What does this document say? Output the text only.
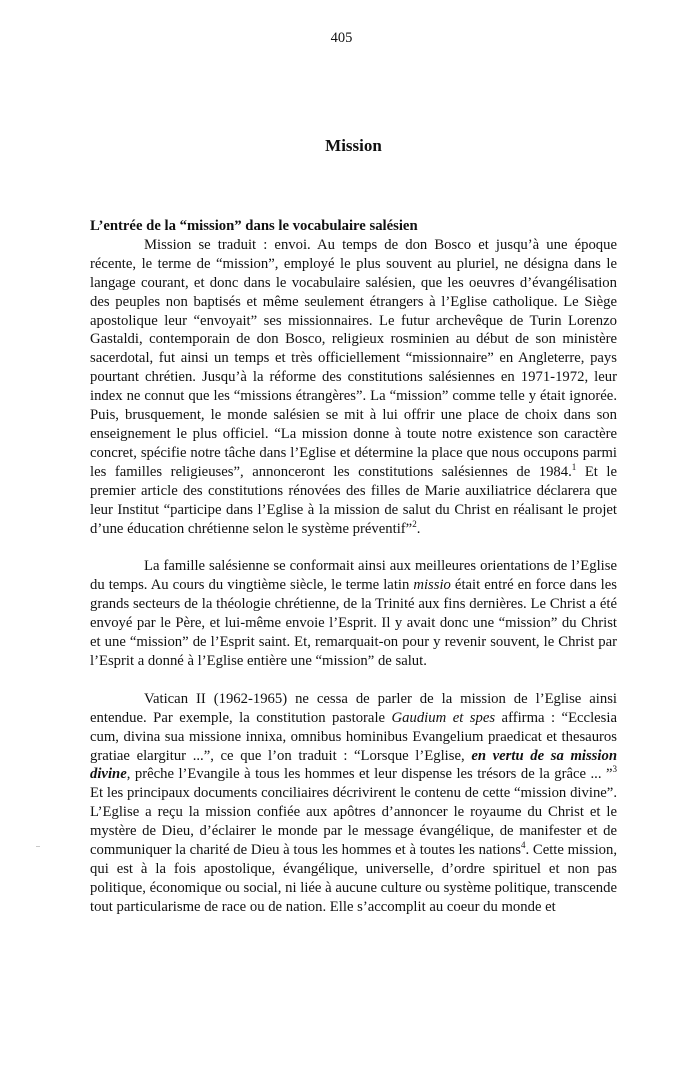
405
Mission

L’entrée de la “mission” dans le vocabulaire salésien

Mission se traduit : envoi. Au temps de don Bosco et jusqu’à une époque récente, le terme de “mission”, employé le plus souvent au pluriel, ne désigna dans le langage courant, et donc dans le vocabulaire salésien, que les oeuvres d’évangélisation des peuples non baptisés et même seulement étrangers à l’Eglise catholique. Le Siège apostolique leur “envoyait” ses missionnaires. Le futur archevêque de Turin Lorenzo Gastaldi, contemporain de don Bosco, religieux rosminien au début de son ministère sacerdotal, fut ainsi un temps et très officiellement “missionnaire” en Angleterre, pays pourtant chrétien. Jusqu’à la réforme des constitutions salésiennes en 1971-1972, leur index ne connut que les “missions étrangères”. La “mission” comme telle y était ignorée. Puis, brusquement, le monde salésien se mit à lui offrir une place de choix dans son enseignement le plus officiel. “La mission donne à toute notre existence son caractère concret, spécifie notre tâche dans l’Eglise et détermine la place que nous occupons parmi les familles religieuses”, annonceront les constitutions salésiennes de 1984.$^1$ Et le premier article des constitutions rénovées des filles de Marie auxiliatrice déclarera que leur Institut “participe dans l’Eglise à la mission de salut du Christ en réalisant le projet d’une éducation chrétienne selon le système préventif”$^2$.

La famille salésienne se conformait ainsi aux meilleures orientations de l’Eglise du temps. Au cours du vingtième siècle, le terme latin missio était entré en force dans les grands secteurs de la théologie chrétienne, de la Trinité aux fins dernières. Le Christ a été envoyé par le Père, et lui-même envoie l’Esprit. Il y avait donc une “mission” du Christ et une “mission” de l’Esprit saint. Et, remarquait-on pour y revenir souvent, le Christ par l’Esprit a donné à l’Eglise entière une “mission” de salut.

Vatican II (1962-1965) ne cessa de parler de la mission de l’Eglise ainsi entendue. Par exemple, la constitution pastorale Gaudium et spes affirma : “Ecclesia cum, divina sua missione innixa, omnibus hominibus Evangelium praedicat et thesauros gratiae elargitur ...”, ce que l’on traduit : “Lorsque l’Eglise, en vertu de sa mission divine, prêche l’Evangile à tous les hommes et leur dispense les trésors de la grâce ... ”$^3$ Et les principaux documents conciliaires décrivirent le contenu de cette “mission divine”. L’Eglise a reçu la mission confiée aux apôtres d’annoncer le royaume du Christ et le mystère de Dieu, d’éclairer le monde par le message évangélique, de manifester et de communiquer la charité de Dieu à tous les hommes et à toutes les nations$^4$. Cette mission, qui est à la fois apostolique, évangélique, universelle, d’ordre spirituel et non pas politique, économique ou social, ni liée à aucune culture ou système politique, transcende tout particularisme de race ou de nation. Elle s’accomplit au coeur du monde et
